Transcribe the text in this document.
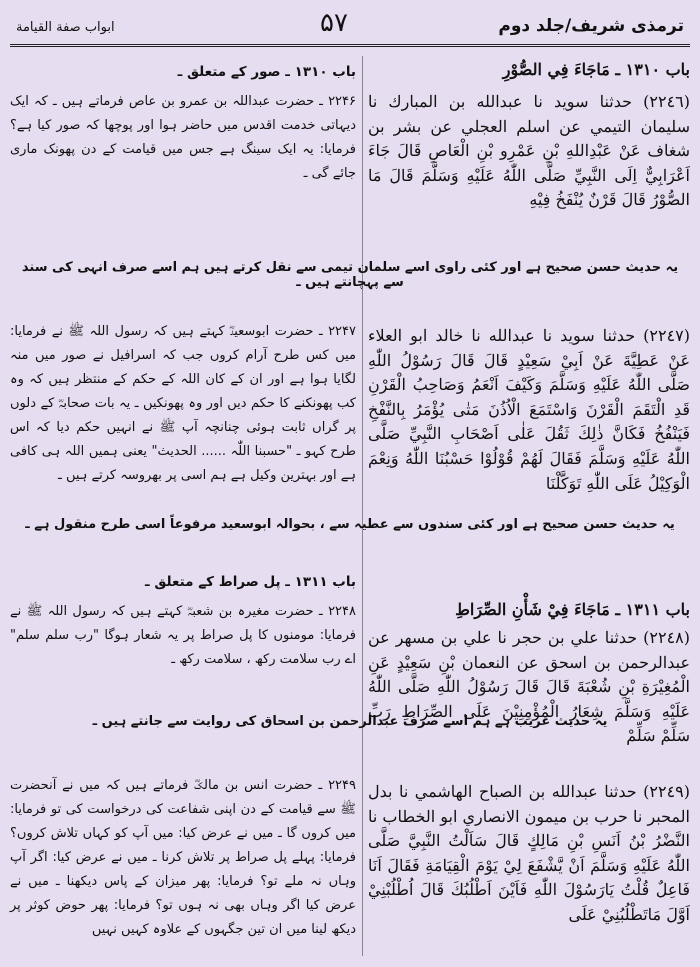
ترمذی شریف/جلد دوم
۵۷
ابواب صفة القيامة
باب ١٣١٠ ـ مَاجَاءَ فِي الصُّوْرِ

(٢٢٤٦) حدثنا سويد نا عبدالله بن المبارك نا سليمان التيمي عن اسلم العجلي عن بشر بن شغاف عَنْ عَبْدِاللهِ بْنِ عَمْرِو بْنِ الْعَاصِ قَالَ جَاءَ اَعْرَابِيٌّ اِلَى النَّبِيِّ صَلَّى اللّٰهُ عَلَيْهِ وَسَلَّمَ قَالَ مَا الصُّوْرُ قَالَ قَرْنٌ يُنْفَخُ فِيْهِ

(٢٢٤٧) حدثنا سويد نا عبدالله نا خالد ابو العلاء عَنْ عَطِيَّةَ عَنْ اَبِيْ سَعِيْدٍ قَالَ قَالَ رَسُوْلُ اللّٰهِ صَلَّى اللّٰهُ عَلَيْهِ وَسَلَّمَ وَكَيْفَ اَنْعَمُ وَصَاحِبُ الْقَرْنِ قَدِ الْتَقَمَ الْقَرْنَ وَاسْتَمَعَ الْاُذُنَ مَتٰى يُؤْمَرُ بِالنَّفْخِ فَيَنْفُخُ فَكَانَّ ذٰلِكَ ثَقُلَ عَلٰى اَصْحَابِ النَّبِيِّ صَلَّى اللّٰهُ عَلَيْهِ وَسَلَّمَ فَقَالَ لَهُمْ قُوْلُوْا حَسْبُنَا اللّٰهُ وَنِعْمَ الْوَكِيْلُ عَلَى اللّٰهِ تَوَكَّلْنَا

باب ١٣١١ ـ مَاجَاءَ فِيْ شَأْنِ الصِّرَاطِ

(٢٢٤٨) حدثنا علي بن حجر نا علي بن مسهر عن عبدالرحمن بن اسحق عن النعمان بْنِ سَعِيْدٍ عَنِ الْمُغِيْرَةِ بْنِ شُعْبَةَ قَالَ قَالَ رَسُوْلُ اللّٰهِ صَلَّى اللّٰهُ عَلَيْهِ وَسَلَّمَ شِعَارُ الْمُؤْمِنِيْنَ عَلَى الصِّرَاطِ رَبِّ سَلِّمْ سَلِّمْ

(٢٢٤٩) حدثنا عبدالله بن الصباح الهاشمي نا بدل المحبر نا حرب بن ميمون الانصاري ابو الخطاب نا النَّضْرُ بْنُ اَنَسِ بْنِ مَالِكٍ قَالَ سَاَلْتُ النَّبِيَّ صَلَّى اللّٰهُ عَلَيْهِ وَسَلَّمَ اَنْ يَّشْفَعَ لِيْ يَوْمَ الْقِيَامَةِ فَقَالَ اَنَا فَاعِلٌ قُلْتُ يَارَسُوْلَ اللّٰهِ فَاَيْنَ اَطْلُبُكَ قَالَ اُطْلُبْنِيْ اَوَّلَ مَاتَطْلُبُنِيْ عَلَى

باب ۱۳۱۰ ـ صور کے متعلق ـ

۲۲۴۶ ـ حضرت عبداللہ بن عمرو بن عاص فرماتے ہیں ـ کہ ایک دیہاتی خدمت اقدس میں حاضر ہوا اور پوچھا کہ صور کیا ہے؟ فرمایا: یہ ایک سینگ ہے جس میں قیامت کے دن پھونک ماری جائے گی ـ

۲۲۴۷ ـ حضرت ابوسعیدؓ کہتے ہیں کہ رسول اللہ ﷺ نے فرمایا: میں کس طرح آرام کروں جب کہ اسرافیل نے صور میں منہ لگایا ہوا ہے اور ان کے کان اللہ کے حکم کے منتظر ہیں کہ وہ کب پھونکنے کا حکم دیں اور وہ پھونکیں ـ یہ بات صحابہؓ کے دلوں پر گراں ثابت ہوئی چنانچہ آپ ﷺ نے انہیں حکم دیا کہ اس طرح کہو ـ "حسبنا اللّٰہ ...... الحدیث" یعنی ہمیں اللہ ہی کافی ہے اور بہترین وکیل ہے ہم اسی پر بھروسہ کرتے ہیں ـ

باب ۱۳۱۱ ـ پل صراط کے متعلق ـ

۲۲۴۸ ـ حضرت مغیرہ بن شعبہؓ کہتے ہیں کہ رسول اللہ ﷺ نے فرمایا: مومنوں کا پل صراط پر یہ شعار ہوگا "رب سلم سلم" اے رب سلامت رکھ ، سلامت رکھ ـ

۲۲۴۹ ـ حضرت انس بن مالکؓ فرماتے ہیں کہ میں نے آنحضرت ﷺ سے قیامت کے دن اپنی شفاعت کی درخواست کی تو فرمایا: میں کروں گا ـ میں نے عرض کیا: میں آپ کو کہاں تلاش کروں؟ فرمایا: پہلے پل صراط پر تلاش کرنا ـ میں نے عرض کیا: اگر آپ وہاں نہ ملے تو؟ فرمایا: پھر میزان کے پاس دیکھنا ـ میں نے عرض کیا اگر وہاں بھی نہ ہوں تو؟ فرمایا: پھر حوض کوثر پر دیکھ لینا میں ان تین جگہوں کے علاوہ کہیں نہیں

یہ حدیث حسن صحیح ہے اور کئی راوی اسے سلمان تیمی سے نقل کرتے ہیں ہم اسے صرف انہی کی سند سے پہچانتے ہیں ـ
یہ حدیث حسن صحیح ہے اور کئی سندوں سے عطیہ سے ، بحوالہ ابوسعید مرفوعاً اسی طرح منقول ہے ـ
یہ حدیث غریب ہے ہم اسے صرف عبدالرحمن بن اسحاق کی روایت سے جانتے ہیں ـ
